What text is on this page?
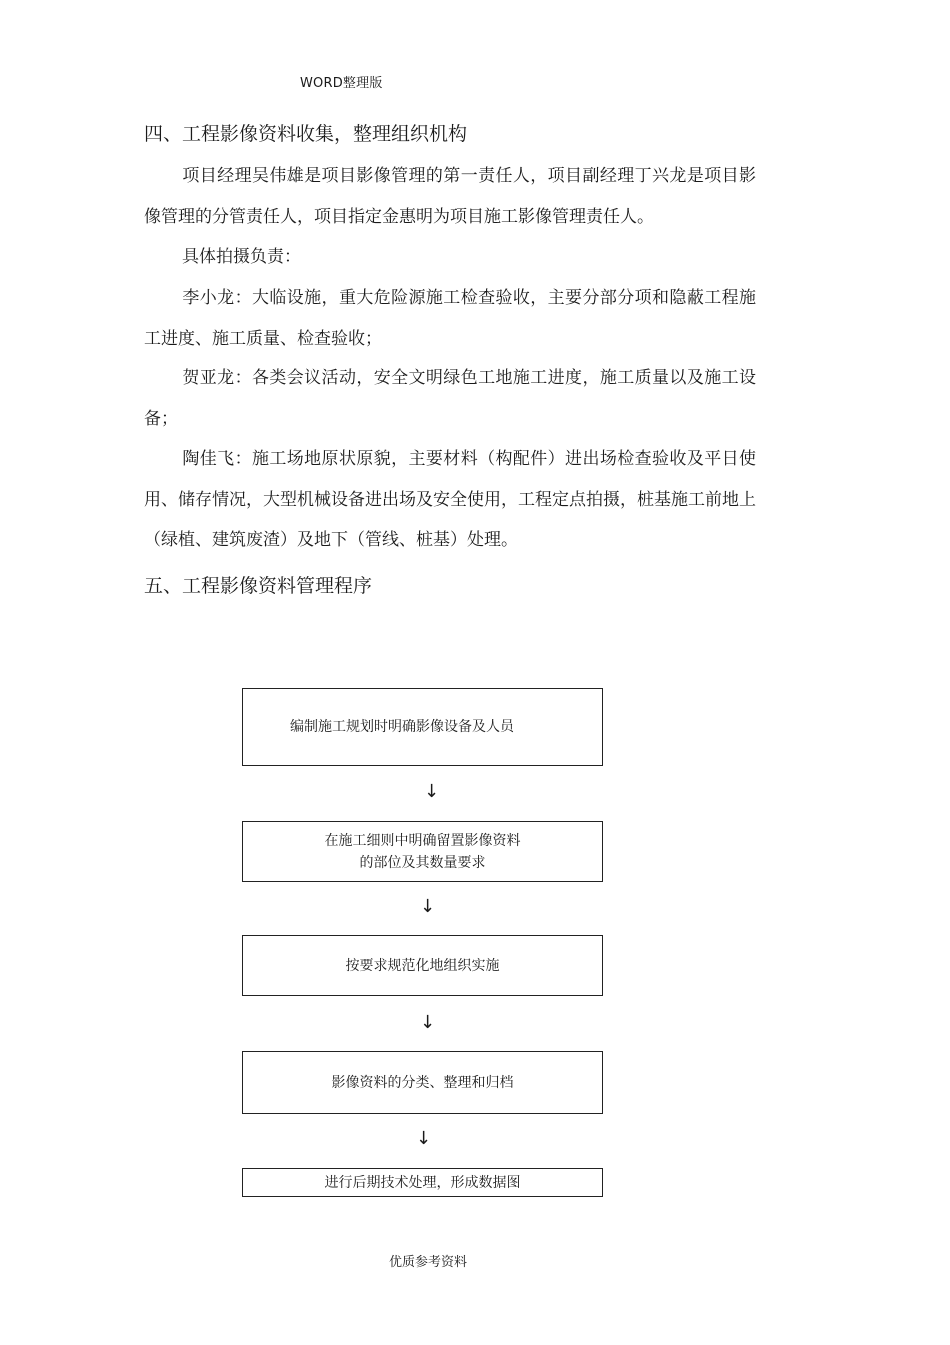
WORD整理版
四、工程影像资料收集，整理组织机构
项目经理吴伟雄是项目影像管理的第一责任人，项目副经理丁兴龙是项目影像管理的分管责任人，项目指定金惠明为项目施工影像管理责任人。
具体拍摄负责：
李小龙：大临设施，重大危险源施工检查验收，主要分部分项和隐蔽工程施工进度、施工质量、检查验收；
贺亚龙：各类会议活动，安全文明绿色工地施工进度，施工质量以及施工设备；
陶佳飞：施工场地原状原貌，主要材料（构配件）进出场检查验收及平日使用、储存情况，大型机械设备进出场及安全使用，工程定点拍摄，桩基施工前地上（绿植、建筑废渣）及地下（管线、桩基）处理。
五、工程影像资料管理程序
编制施工规划时明确影像设备及人员
↓
在施工细则中明确留置影像资料
的部位及其数量要求
↓
按要求规范化地组织实施
↓
影像资料的分类、整理和归档
↓
进行后期技术处理，形成数据图
优质参考资料
